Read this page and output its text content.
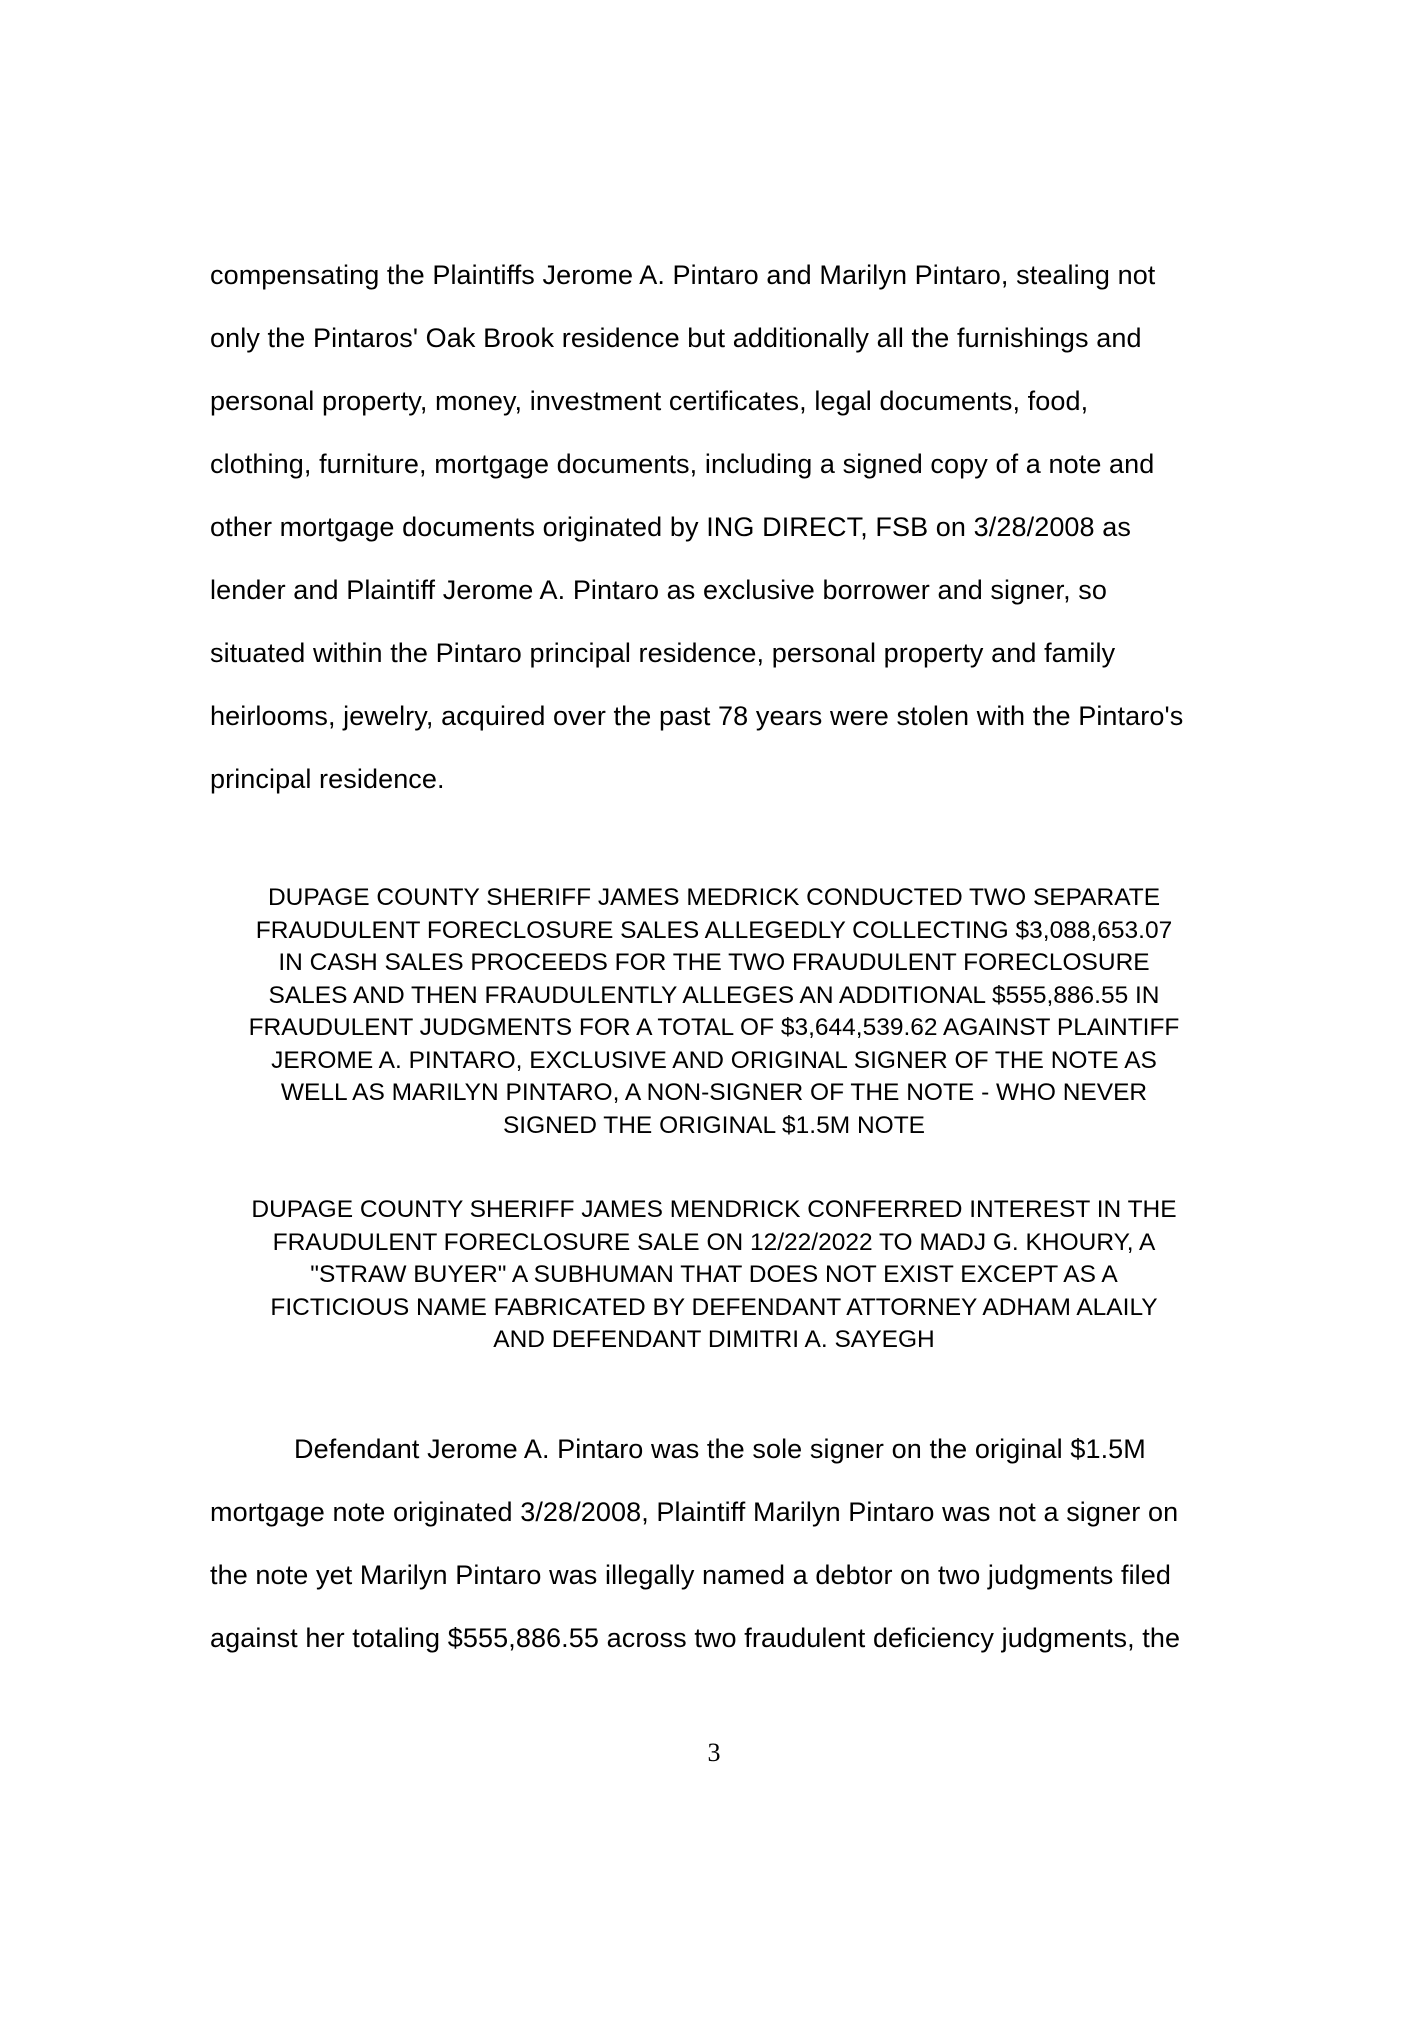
compensating the Plaintiffs Jerome A. Pintaro and Marilyn Pintaro, stealing not
only the Pintaros' Oak Brook residence but additionally all the furnishings and
personal property, money, investment certificates, legal documents, food,
clothing, furniture, mortgage documents, including a signed copy of a note and
other mortgage documents originated by ING DIRECT, FSB on 3/28/2008 as
lender and Plaintiff Jerome A. Pintaro as exclusive borrower and signer, so
situated within the Pintaro principal residence, personal property and family
heirlooms, jewelry, acquired over the past 78 years were stolen with the Pintaro's
principal residence.

DUPAGE COUNTY SHERIFF JAMES MEDRICK CONDUCTED TWO SEPARATE
FRAUDULENT FORECLOSURE SALES ALLEGEDLY COLLECTING $3,088,653.07
IN CASH SALES PROCEEDS FOR THE TWO FRAUDULENT FORECLOSURE
SALES AND THEN FRAUDULENTLY ALLEGES AN ADDITIONAL $555,886.55 IN
FRAUDULENT JUDGMENTS FOR A TOTAL OF $3,644,539.62 AGAINST PLAINTIFF
JEROME A. PINTARO, EXCLUSIVE AND ORIGINAL SIGNER OF THE NOTE AS
WELL AS MARILYN PINTARO, A NON-SIGNER OF THE NOTE - WHO NEVER
SIGNED THE ORIGINAL $1.5M NOTE

DUPAGE COUNTY SHERIFF JAMES MENDRICK CONFERRED INTEREST IN THE
FRAUDULENT FORECLOSURE SALE ON 12/22/2022 TO MADJ G. KHOURY, A
"STRAW BUYER" A SUBHUMAN THAT DOES NOT EXIST EXCEPT AS A
FICTICIOUS NAME FABRICATED BY DEFENDANT ATTORNEY ADHAM ALAILY
AND DEFENDANT DIMITRI A. SAYEGH

Defendant Jerome A. Pintaro was the sole signer on the original $1.5M
mortgage note originated 3/28/2008, Plaintiff Marilyn Pintaro was not a signer on
the note yet Marilyn Pintaro was illegally named a debtor on two judgments filed
against her totaling $555,886.55 across two fraudulent deficiency judgments, the

3
